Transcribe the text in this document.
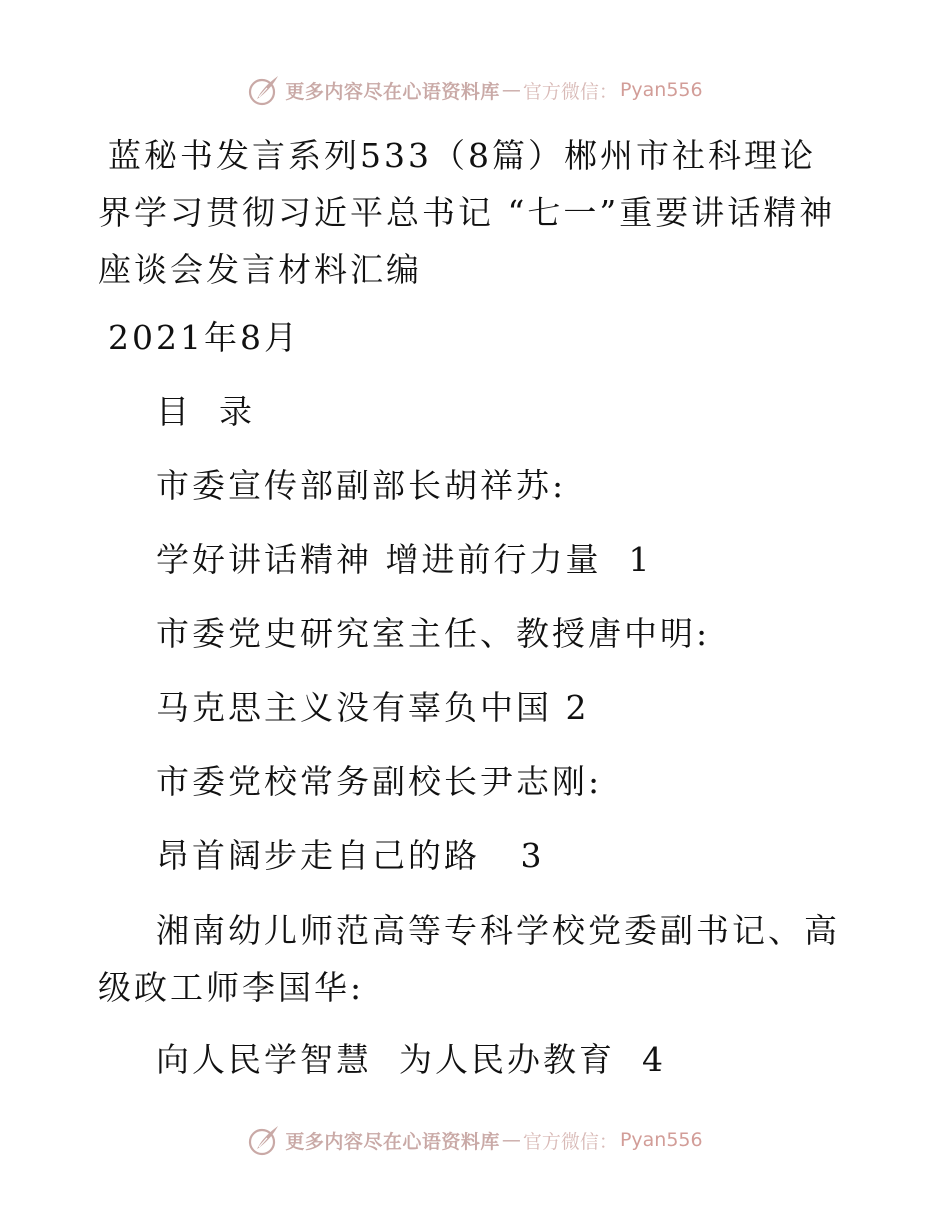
更多内容尽在心语资料库 — 官方微信： Pyan556

蓝秘书发言系列533（8篇）郴州市社科理论界学习贯彻习近平总书记 “七一”重要讲话精神座谈会发言材料汇编

2021年8月
目  录
市委宣传部副部长胡祥苏:
学好讲话精神 增进前行力量  1
市委党史研究室主任、教授唐中明:
马克思主义没有辜负中国 2
市委党校常务副校长尹志刚:
昂首阔步走自己的路   3
湘南幼儿师范高等专科学校党委副书记、高级政工师李国华:
向人民学智慧  为人民办教育  4
更多内容尽在心语资料库 — 官方微信： Pyan556
